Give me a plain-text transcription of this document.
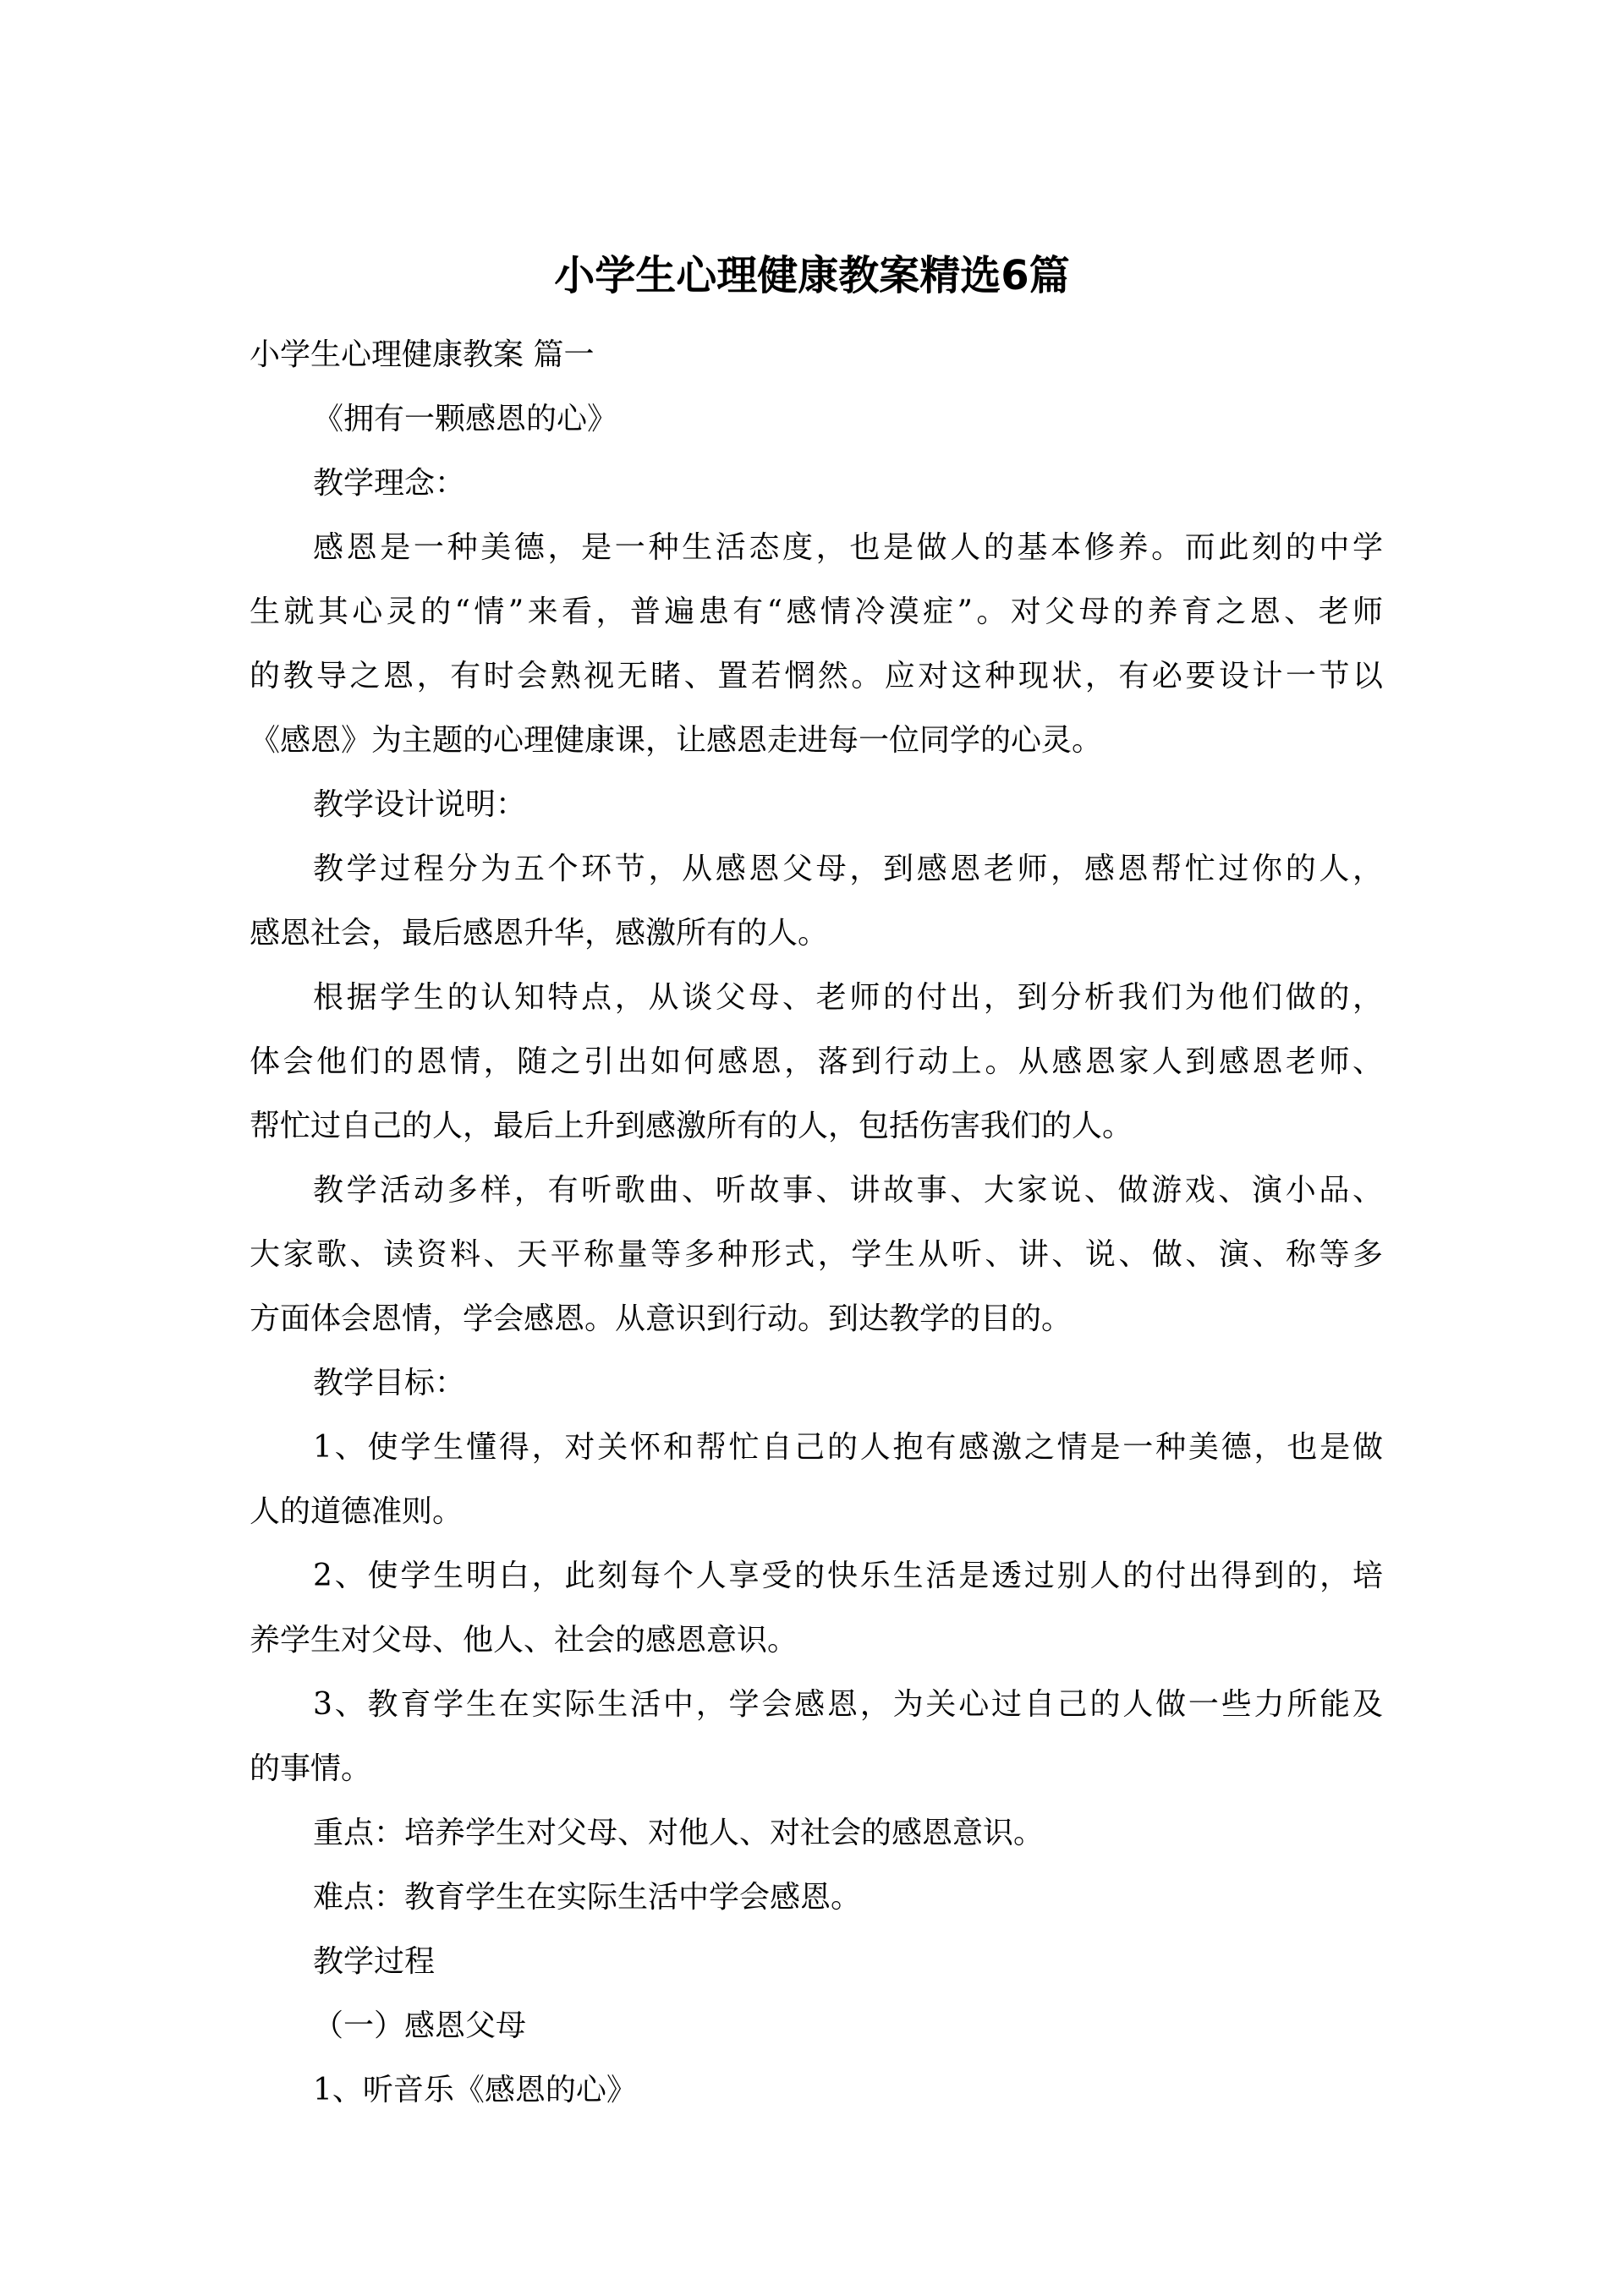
小学生心理健康教案精选6篇

小学生心理健康教案 篇一

《拥有一颗感恩的心》

教学理念：

感恩是一种美德，是一种生活态度，也是做人的基本修养。而此刻的中学

生就其心灵的“情”来看，普遍患有“感情冷漠症”。对父母的养育之恩、老师

的教导之恩，有时会熟视无睹、置若惘然。应对这种现状，有必要设计一节以

《感恩》为主题的心理健康课，让感恩走进每一位同学的心灵。

教学设计说明：

教学过程分为五个环节，从感恩父母，到感恩老师，感恩帮忙过你的人，

感恩社会，最后感恩升华，感激所有的人。

根据学生的认知特点，从谈父母、老师的付出，到分析我们为他们做的，

体会他们的恩情，随之引出如何感恩，落到行动上。从感恩家人到感恩老师、

帮忙过自己的人，最后上升到感激所有的人，包括伤害我们的人。

教学活动多样，有听歌曲、听故事、讲故事、大家说、做游戏、演小品、

大家歌、读资料、天平称量等多种形式，学生从听、讲、说、做、演、称等多

方面体会恩情，学会感恩。从意识到行动。到达教学的目的。

教学目标：

1、使学生懂得，对关怀和帮忙自己的人抱有感激之情是一种美德，也是做

人的道德准则。

2、使学生明白，此刻每个人享受的快乐生活是透过别人的付出得到的，培

养学生对父母、他人、社会的感恩意识。

3、教育学生在实际生活中，学会感恩，为关心过自己的人做一些力所能及

的事情。

重点：培养学生对父母、对他人、对社会的感恩意识。

难点：教育学生在实际生活中学会感恩。

教学过程

（一）感恩父母

1、听音乐《感恩的心》
